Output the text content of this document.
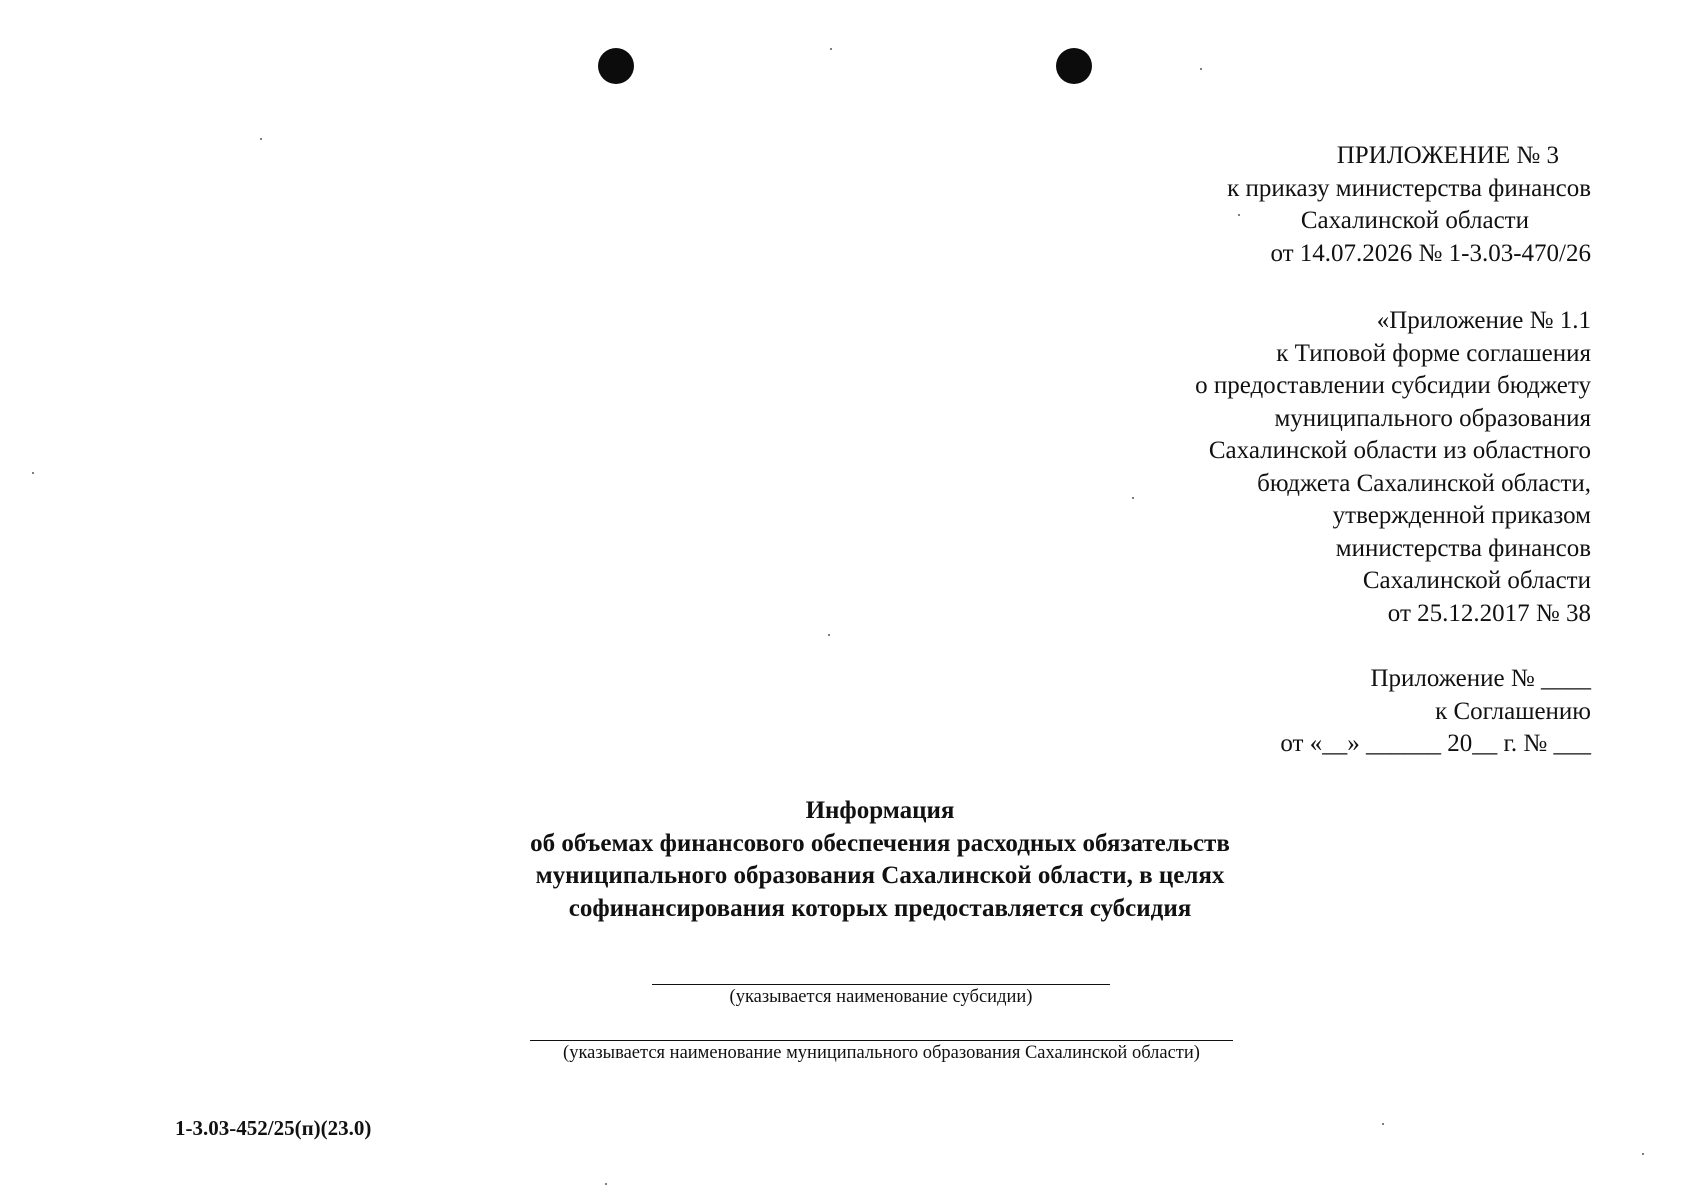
ПРИЛОЖЕНИЕ № 3
к приказу министерства финансов
Сахалинской области
от 14.07.2026 № 1-3.03-470/26
«Приложение № 1.1
к Типовой форме соглашения
о предоставлении субсидии бюджету
муниципального образования
Сахалинской области из областного
бюджета Сахалинской области,
утвержденной приказом
министерства финансов
Сахалинской области
от 25.12.2017 № 38
Приложение № ____
к Соглашению
от «__» ______ 20__ г. № ___
Информация
об объемах финансового обеспечения расходных обязательств
муниципального образования Сахалинской области, в целях
софинансирования которых предоставляется субсидия
(указывается наименование субсидии)
(указывается наименование муниципального образования Сахалинской области)
1-3.03-452/25(п)(23.0)
